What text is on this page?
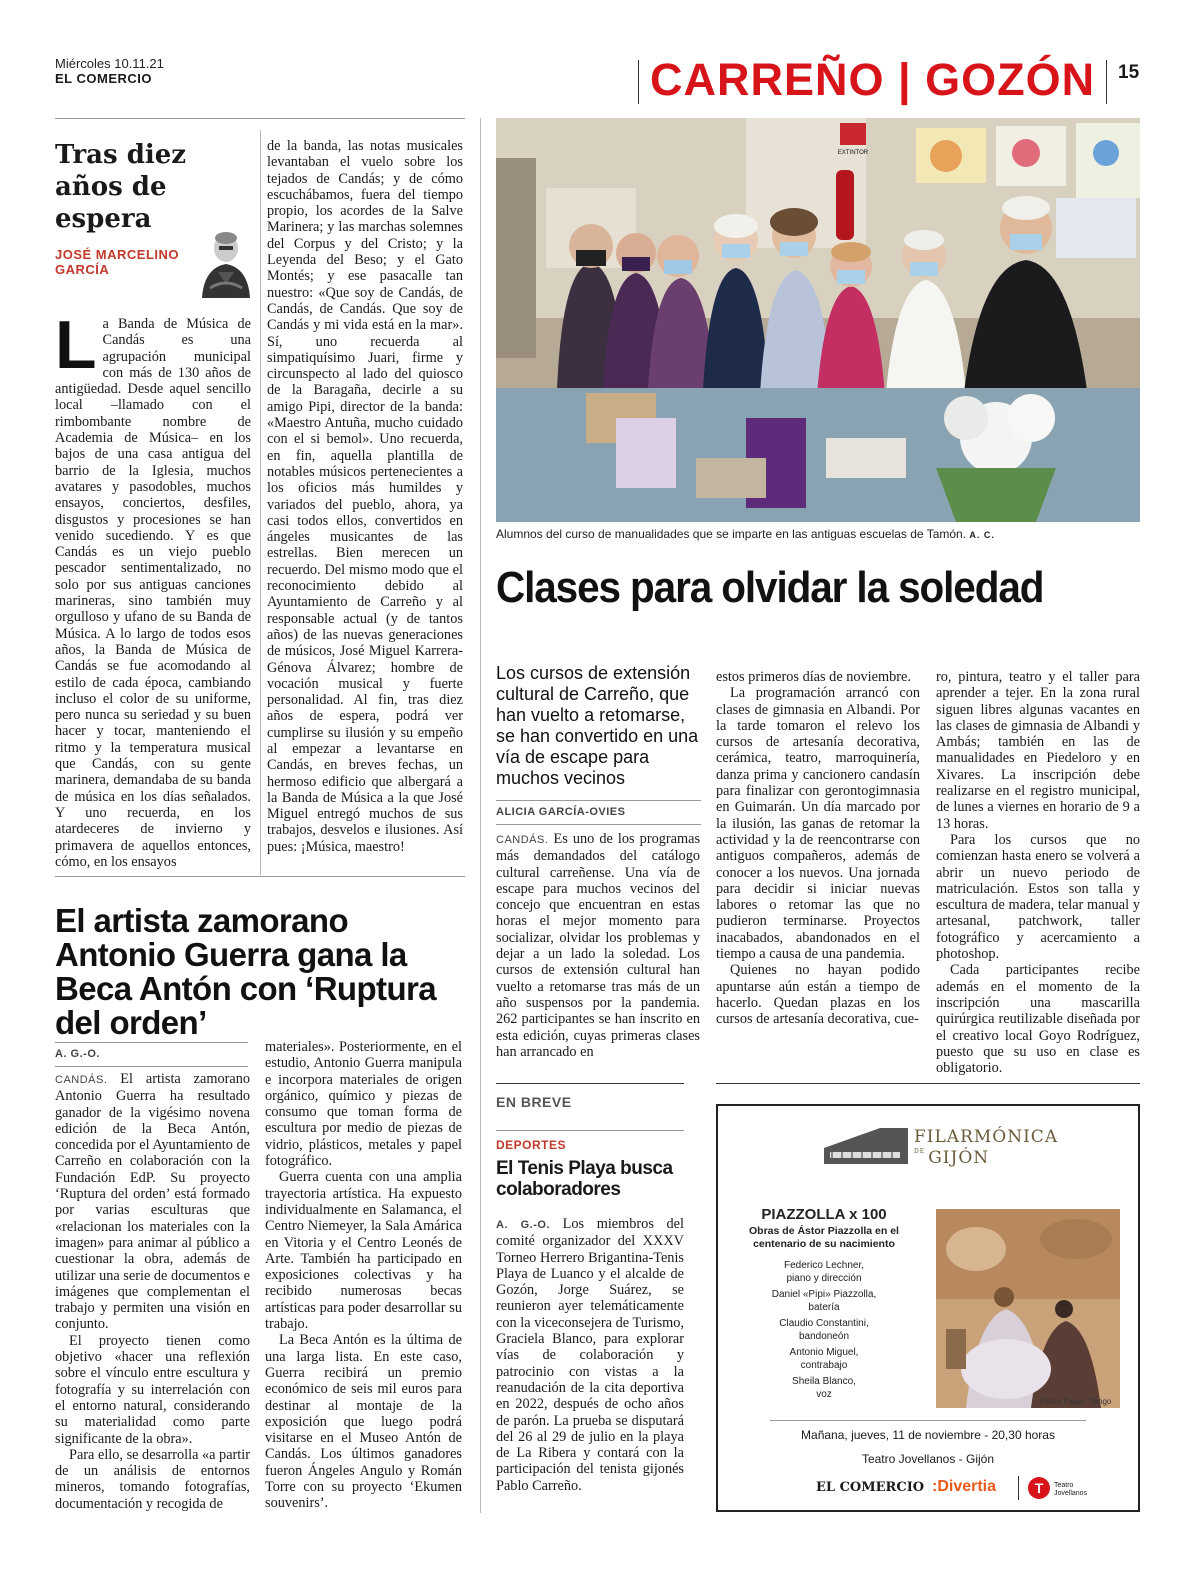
Miércoles 10.11.21
EL COMERCIO	CARREÑO | GOZÓN 15
Tras diez años de espera
JOSÉ MARCELINO GARCÍA

La Banda de Música de Candás es una agrupación municipal con más de 130 años de antigüedad. Desde aquel sencillo local –llamado con el rimbombante nombre de Academia de Música– en los bajos de una casa antigua del barrio de la Iglesia, muchos avatares y pasodobles, muchos ensayos, conciertos, desfiles, disgustos y procesiones se han venido sucediendo. Y es que Candás es un viejo pueblo pescador sentimentalizado, no solo por sus antiguas canciones marineras, sino también muy orgulloso y ufano de su Banda de Música. A lo largo de todos esos años, la Banda de Música de Candás se fue acomodando al estilo de cada época, cambiando incluso el color de su uniforme, pero nunca su seriedad y su buen hacer y tocar, manteniendo el ritmo y la temperatura musical que Candás, con su gente marinera, demandaba de su banda de música en los días señalados. Y uno recuerda, en los atardeceres de invierno y primavera de aquellos entonces, cómo, en los ensayos

de la banda, las notas musicales levantaban el vuelo sobre los tejados de Candás; y de cómo escuchábamos, fuera del tiempo propio, los acordes de la Salve Marinera; y las marchas solemnes del Corpus y del Cristo; y la Leyenda del Beso; y el Gato Montés; y ese pasacalle tan nuestro: «Que soy de Candás, de Candás, de Candás. Que soy de Candás y mi vida está en la mar». Sí, uno recuerda al simpatiquísimo Juari, firme y circunspecto al lado del quiosco de la Baragaña, decirle a su amigo Pipi, director de la banda: «Maestro Antuña, mucho cuidado con el si bemol». Uno recuerda, en fin, aquella plantilla de notables músicos pertenecientes a los oficios más humildes y variados del pueblo, ahora, ya casi todos ellos, convertidos en ángeles musicantes de las estrellas. Bien merecen un recuerdo. Del mismo modo que el reconocimiento debido al Ayuntamiento de Carreño y al responsable actual (y de tantos años) de las nuevas generaciones de músicos, José Miguel Karrera-Génova Álvarez; hombre de vocación musical y fuerte personalidad. Al fin, tras diez años de espera, podrá ver cumplirse su ilusión y su empeño al empezar a levantarse en Candás, en breves fechas, un hermoso edificio que albergará a la Banda de Música a la que José Miguel entregó muchos de sus trabajos, desvelos e ilusiones. Así pues: ¡Música, maestro!

El artista zamorano Antonio Guerra gana la Beca Antón con ‘Ruptura del orden’
A. G.-O.

CANDÁS. El artista zamorano Antonio Guerra ha resultado ganador de la vigésimo novena edición de la Beca Antón, concedida por el Ayuntamiento de Carreño en colaboración con la Fundación EdP. Su proyecto ‘Ruptura del orden’ está formado por varias esculturas que «relacionan los materiales con la imagen» para animar al público a cuestionar la obra, además de utilizar una serie de documentos e imágenes que complementan el trabajo y permiten una visión en conjunto.

El proyecto tienen como objetivo «hacer una reflexión sobre el vínculo entre escultura y fotografía y su interrelación con el entorno natural, considerando su materialidad como parte significante de la obra».

Para ello, se desarrolla «a partir de un análisis de entornos mineros, tomando fotografías, documentación y recogida de

materiales». Posteriormente, en el estudio, Antonio Guerra manipula e incorpora materiales de origen orgánico, químico y piezas de consumo que toman forma de escultura por medio de piezas de vidrio, plásticos, metales y papel fotográfico.

Guerra cuenta con una amplia trayectoria artística. Ha expuesto individualmente en Salamanca, el Centro Niemeyer, la Sala Amárica en Vitoria y el Centro Leonés de Arte. También ha participado en exposiciones colectivas y ha recibido numerosas becas artísticas para poder desarrollar su trabajo.

La Beca Antón es la última de una larga lista. En este caso, Guerra recibirá un premio económico de seis mil euros para destinar al montaje de la exposición que luego podrá visitarse en el Museo Antón de Candás. Los últimos ganadores fueron Ángeles Angulo y Román Torre con su proyecto ‘Ekumen souvenirs’.

EXTINTOR
Alumnos del curso de manualidades que se imparte en las antiguas escuelas de Tamón. A. C.
Clases para olvidar la soledad
Los cursos de extensión cultural de Carreño, que han vuelto a retomarse, se han convertido en una vía de escape para muchos vecinos
ALICIA GARCÍA-OVIES

CANDÁS. Es uno de los programas más demandados del catálogo cultural carreñense. Una vía de escape para muchos vecinos del concejo que encuentran en estas horas el mejor momento para socializar, olvidar los problemas y dejar a un lado la soledad. Los cursos de extensión cultural han vuelto a retomarse tras más de un año suspensos por la pandemia. 262 participantes se han inscrito en esta edición, cuyas primeras clases han arrancado en

estos primeros días de noviembre.

La programación arrancó con clases de gimnasia en Albandi. Por la tarde tomaron el relevo los cursos de artesanía decorativa, cerámica, teatro, marroquinería, danza prima y cancionero candasín para finalizar con gerontogimnasia en Guimarán. Un día marcado por la ilusión, las ganas de retomar la actividad y la de reencontrarse con antiguos compañeros, además de conocer a los nuevos. Una jornada para decidir si iniciar nuevas labores o retomar las que no pudieron terminarse. Proyectos inacabados, abandonados en el tiempo a causa de una pandemia.

Quienes no hayan podido apuntarse aún están a tiempo de hacerlo. Quedan plazas en los cursos de artesanía decorativa, cue-

ro, pintura, teatro y el taller para aprender a tejer. En la zona rural siguen libres algunas vacantes en las clases de gimnasia de Albandi y Ambás; también en las de manualidades en Piedeloro y en Xivares. La inscripción debe realizarse en el registro municipal, de lunes a viernes en horario de 9 a 13 horas.

Para los cursos que no comienzan hasta enero se volverá a abrir un nuevo periodo de matriculación. Estos son talla y escultura de madera, telar manual y artesanal, patchwork, taller fotográfico y acercamiento a photoshop.

Cada participantes recibe además en el momento de la inscripción una mascarilla quirúrgica reutilizable diseñada por el creativo local Goyo Rodríguez, puesto que su uso en clase es obligatorio.

EN BREVE
DEPORTES
El Tenis Playa busca colaboradores

A. G.-O. Los miembros del comité organizador del XXXV Torneo Herrero Brigantina-Tenis Playa de Luanco y el alcalde de Gozón, Jorge Suárez, se reunieron ayer telemáticamente con la viceconsejera de Turismo, Graciela Blanco, para explorar vías de colaboración y patrocinio con vistas a la reanudación de la cita deportiva en 2022, después de ocho años de parón. La prueba se disputará del 26 al 29 de julio en la playa de La Ribera y contará con la participación del tenista gijonés Pablo Carreño.

FILARMÓNICA
$^{DE}$ GIJÓN
PIAZZOLLA x 100
Obras de Ástor Piazzolla en el centenario de su nacimiento
Federico Lechner,
piano y dirección
Daniel «Pipi» Piazzolla,
batería
Claudio Constantini,
bandoneón
Antonio Miguel,
contrabajo
Sheila Blanco,
voz
Pedro Figari, 'Tango
Mañana, jueves, 11 de noviembre - 20,30 horas
Teatro Jovellanos - Gijón
EL COMERCIO :Divertia	T	Teatro Jovellanos
